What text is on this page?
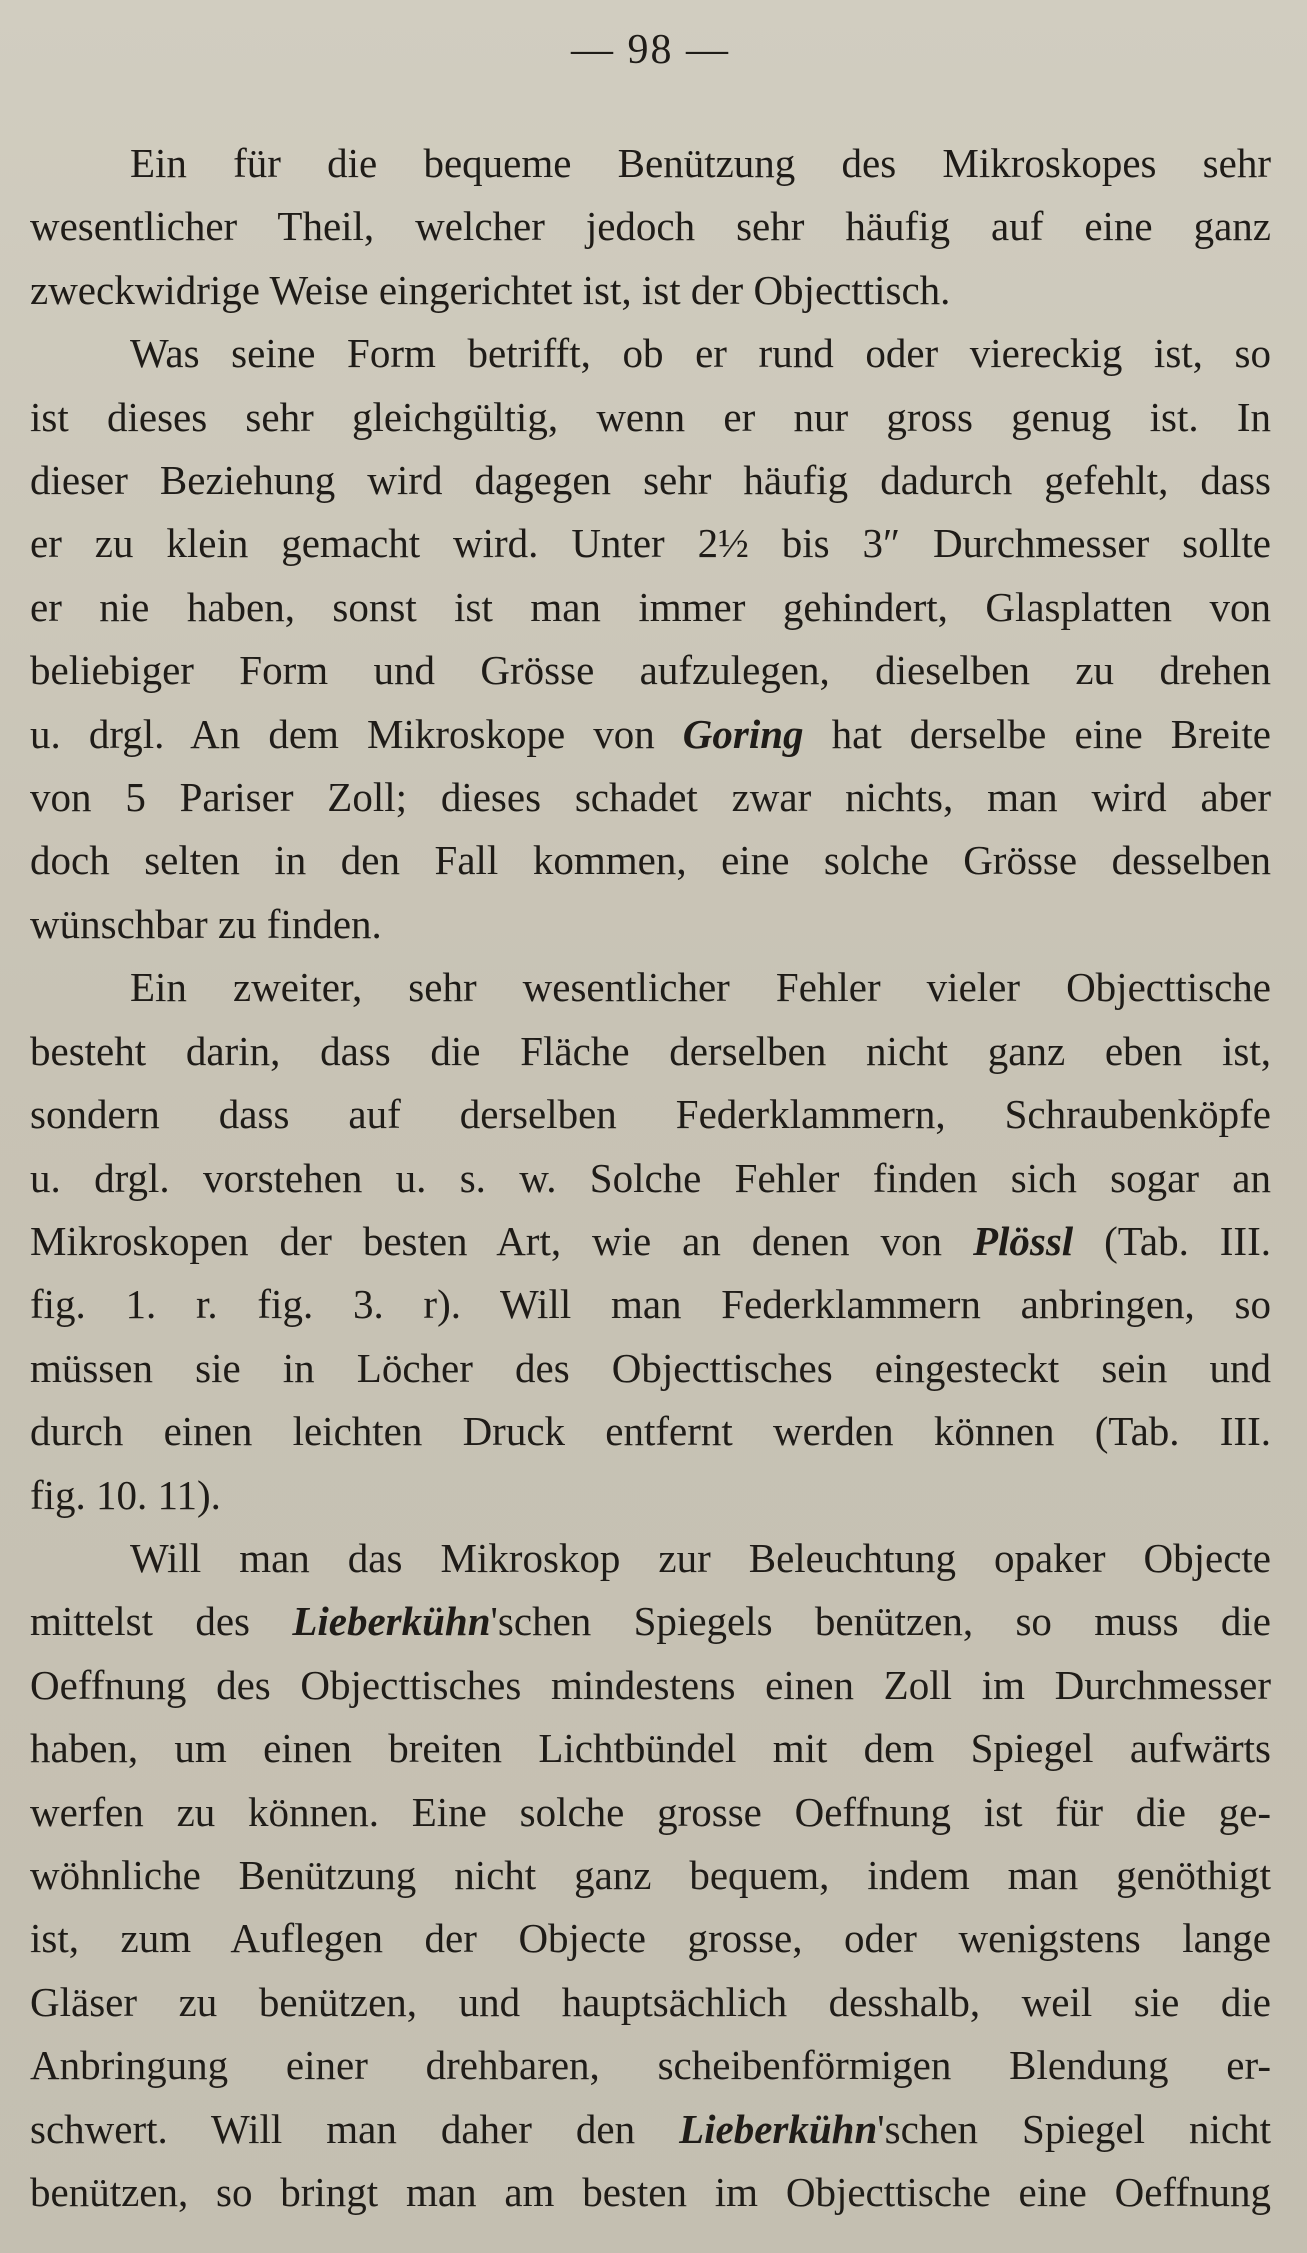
— 98 —
Ein für die bequeme Benützung des Mikroskopes sehr
wesentlicher Theil, welcher jedoch sehr häufig auf eine ganz
zweckwidrige Weise eingerichtet ist, ist der Objecttisch.
Was seine Form betrifft, ob er rund oder viereckig ist, so
ist dieses sehr gleichgültig, wenn er nur gross genug ist. In
dieser Beziehung wird dagegen sehr häufig dadurch gefehlt, dass
er zu klein gemacht wird. Unter 2½ bis 3″ Durchmesser sollte
er nie haben, sonst ist man immer gehindert, Glasplatten von
beliebiger Form und Grösse aufzulegen, dieselben zu drehen
u. drgl. An dem Mikroskope von Goring hat derselbe eine Breite
von 5 Pariser Zoll; dieses schadet zwar nichts, man wird aber
doch selten in den Fall kommen, eine solche Grösse desselben
wünschbar zu finden.
Ein zweiter, sehr wesentlicher Fehler vieler Objecttische
besteht darin, dass die Fläche derselben nicht ganz eben ist,
sondern dass auf derselben Federklammern, Schraubenköpfe
u. drgl. vorstehen u. s. w. Solche Fehler finden sich sogar an
Mikroskopen der besten Art, wie an denen von Plössl (Tab. III.
fig. 1. r. fig. 3. r). Will man Federklammern anbringen, so
müssen sie in Löcher des Objecttisches eingesteckt sein und
durch einen leichten Druck entfernt werden können (Tab. III.
fig. 10. 11).
Will man das Mikroskop zur Beleuchtung opaker Objecte
mittelst des Lieberkühn'schen Spiegels benützen, so muss die
Oeffnung des Objecttisches mindestens einen Zoll im Durchmesser
haben, um einen breiten Lichtbündel mit dem Spiegel aufwärts
werfen zu können. Eine solche grosse Oeffnung ist für die ge-
wöhnliche Benützung nicht ganz bequem, indem man genöthigt
ist, zum Auflegen der Objecte grosse, oder wenigstens lange
Gläser zu benützen, und hauptsächlich desshalb, weil sie die
Anbringung einer drehbaren, scheibenförmigen Blendung er-
schwert. Will man daher den Lieberkühn'schen Spiegel nicht
benützen, so bringt man am besten im Objecttische eine Oeffnung
